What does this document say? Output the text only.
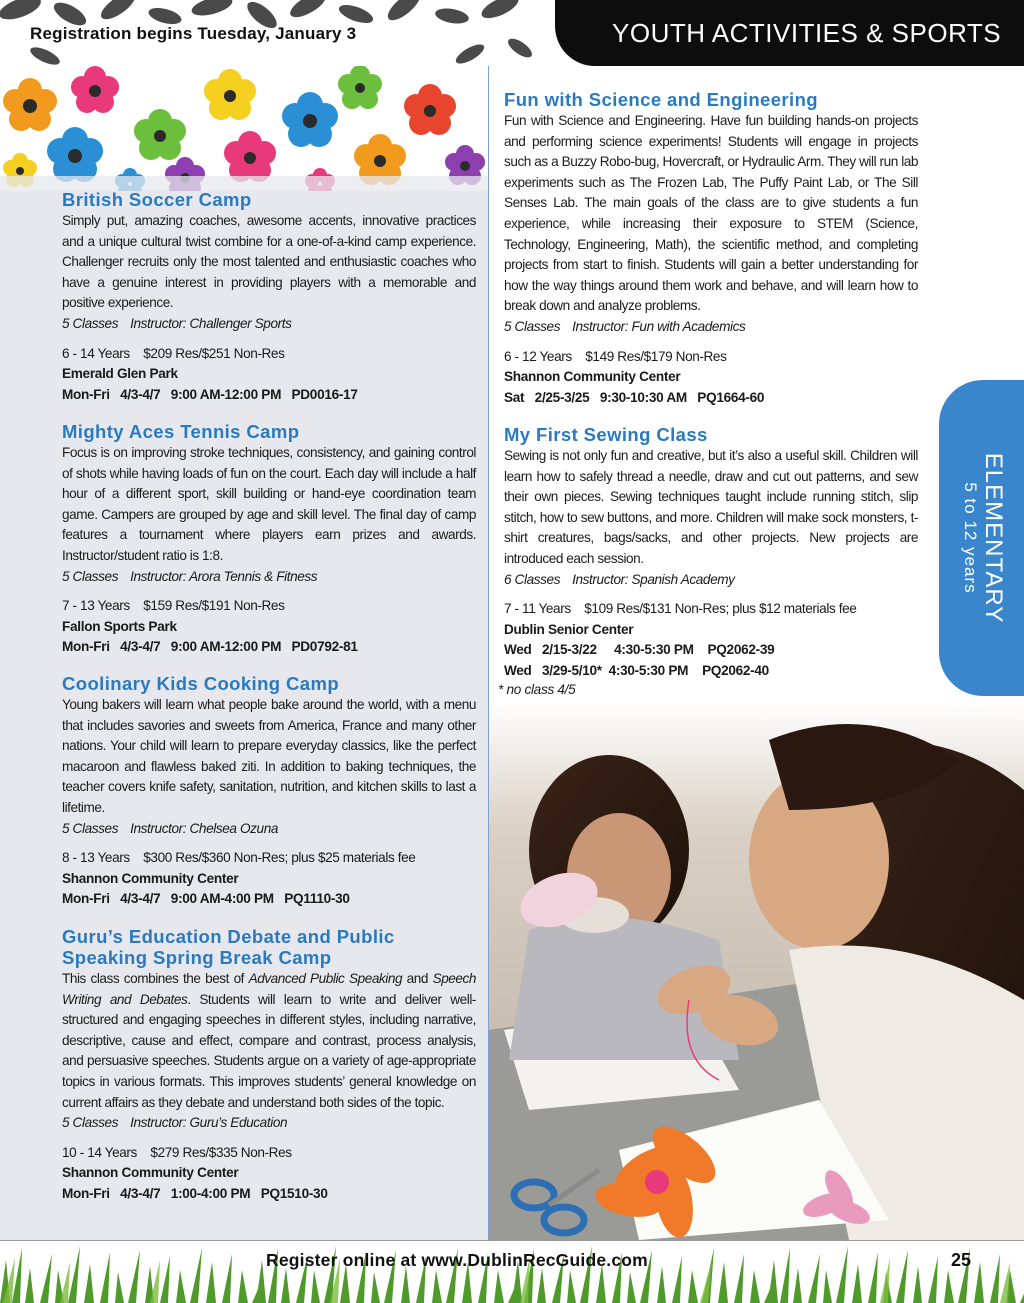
Registration begins Tuesday, January 3	YOUTH ACTIVITIES & SPORTS
British Soccer Camp

Simply put, amazing coaches, awesome accents, innovative practices and a unique cultural twist combine for a one-of-a-kind camp experience. Challenger recruits only the most talented and enthusiastic coaches who have a genuine interest in providing players with a memorable and positive experience.

5 Classes Instructor: Challenger Sports
6 - 14 Years    $209 Res/$251 Non-Res
Emerald Glen Park
Mon-Fri   4/3-4/7   9:00 AM-12:00 PM   PD0016-17
Mighty Aces Tennis Camp

Focus is on improving stroke techniques, consistency, and gaining control of shots while having loads of fun on the court. Each day will include a half hour of a different sport, skill building or hand-eye coordination team game. Campers are grouped by age and skill level. The final day of camp features a tournament where players earn prizes and awards. Instructor/student ratio is 1:8.

5 Classes Instructor: Arora Tennis & Fitness
7 - 13 Years    $159 Res/$191 Non-Res
Fallon Sports Park
Mon-Fri   4/3-4/7   9:00 AM-12:00 PM   PD0792-81
Coolinary Kids Cooking Camp

Young bakers will learn what people bake around the world, with a menu that includes savories and sweets from America, France and many other nations. Your child will learn to prepare everyday classics, like the perfect macaroon and flawless baked ziti. In addition to baking techniques, the teacher covers knife safety, sanitation, nutrition, and kitchen skills to last a lifetime.

5 Classes Instructor: Chelsea Ozuna
8 - 13 Years    $300 Res/$360 Non-Res; plus $25 materials fee
Shannon Community Center
Mon-Fri   4/3-4/7   9:00 AM-4:00 PM   PQ1110-30
Guru’s Education Debate and Public Speaking Spring Break Camp

This class combines the best of Advanced Public Speaking and Speech Writing and Debates. Students will learn to write and deliver well-structured and engaging speeches in different styles, including narrative, descriptive, cause and effect, compare and contrast, process analysis, and persuasive speeches. Students argue on a variety of age-appropriate topics in various formats. This improves students’ general knowledge on current affairs as they debate and understand both sides of the topic.

5 Classes Instructor: Guru’s Education
10 - 14 Years    $279 Res/$335 Non-Res
Shannon Community Center
Mon-Fri   4/3-4/7   1:00-4:00 PM   PQ1510-30
Fun with Science and Engineering

Fun with Science and Engineering. Have fun building hands-on projects and performing science experiments! Students will engage in projects such as a Buzzy Robo-bug, Hovercraft, or Hydraulic Arm. They will run lab experiments such as The Frozen Lab, The Puffy Paint Lab, or The Sill Senses Lab. The main goals of the class are to give students a fun experience, while increasing their exposure to STEM (Science, Technology, Engineering, Math), the scientific method, and completing projects from start to finish. Students will gain a better understanding for how the way things around them work and behave, and will learn how to break down and analyze problems.

5 Classes Instructor: Fun with Academics
6 - 12 Years    $149 Res/$179 Non-Res
Shannon Community Center
Sat   2/25-3/25   9:30-10:30 AM   PQ1664-60
My First Sewing Class

Sewing is not only fun and creative, but it’s also a useful skill. Children will learn how to safely thread a needle, draw and cut out patterns, and sew their own pieces. Sewing techniques taught include running stitch, slip stitch, how to sew buttons, and more. Children will make sock monsters, t-shirt creatures, bags/sacks, and other projects. New projects are introduced each session.

6 Classes Instructor: Spanish Academy
7 - 11 Years    $109 Res/$131 Non-Res; plus $12 materials fee
Dublin Senior Center
Wed   2/15-3/22     4:30-5:30 PM    PQ2062-39
Wed   3/29-5/10*  4:30-5:30 PM    PQ2062-40
* no class 4/5
ELEMENTARY
5 to 12 years
Register online at www.DublinRecGuide.com	25
